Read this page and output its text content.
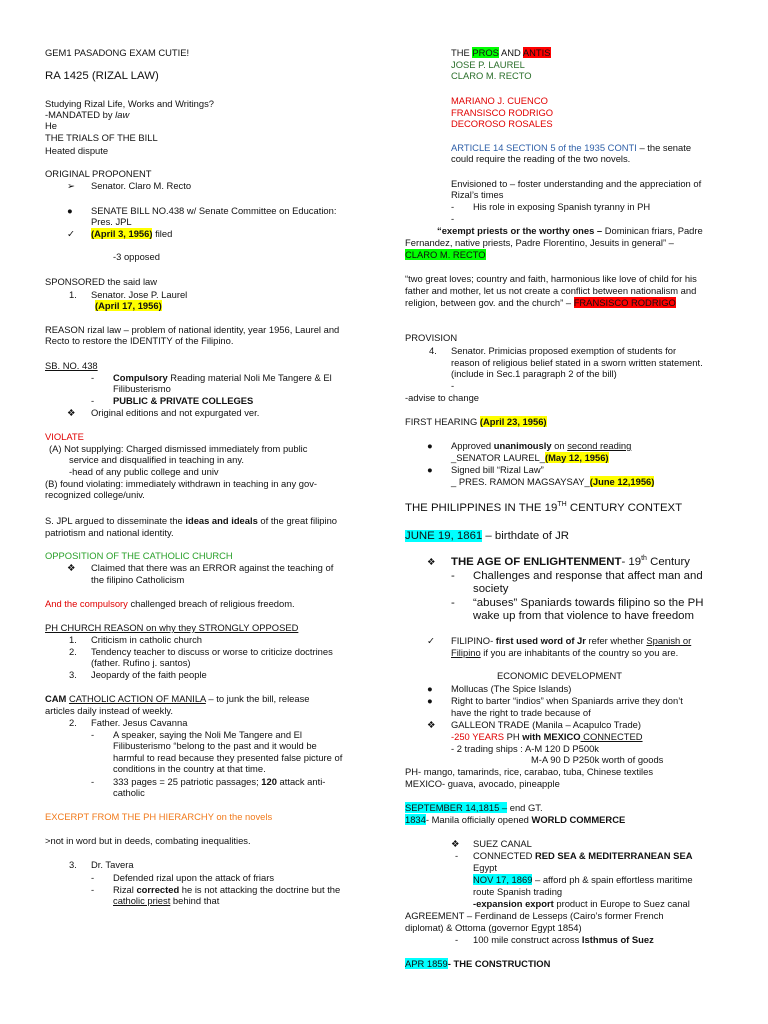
GEM1 PASADONG EXAM CUTIE!
RA 1425 (RIZAL LAW)
Studying Rizal Life, Works and Writings?
-MANDATED by law
He
THE TRIALS OF THE BILL
Heated dispute
ORIGINAL PROPONENT
➢ Senator. Claro M. Recto
● SENATE BILL NO.438 w/ Senate Committee on Education:
Pres. JPL
✓ (April 3, 1956) filed
-3 opposed
SPONSORED the said law
1. Senator. Jose P. Laurel
(April 17, 1956)
REASON rizal law – problem of national identity, year 1956, Laurel and
Recto to restore the IDENTITY of the Filipino.
SB. NO. 438
- Compulsory Reading material Noli Me Tangere & El
Filibusterismo
- PUBLIC & PRIVATE COLLEGES
❖ Original editions and not expurgated ver.
VIOLATE
(A) Not supplying: Charged dismissed immediately from public
service and disqualified in teaching in any.
-head of any public college and univ
(B) found violating: immediately withdrawn in teaching in any gov-
recognized college/univ.
S. JPL argued to disseminate the ideas and ideals of the great filipino
patriotism and national identity.
OPPOSITION OF THE CATHOLIC CHURCH
❖ Claimed that there was an ERROR against the teaching of
the filipino Catholicism
And the compulsory challenged breach of religious freedom.
PH CHURCH REASON on why they STRONGLY OPPOSED
1. Criticism in catholic church
2. Tendency teacher to discuss or worse to criticize doctrines
(father. Rufino j. santos)
3. Jeopardy of the faith people
CAM CATHOLIC ACTION OF MANILA – to junk the bill, release
articles daily instead of weekly.
2. Father. Jesus Cavanna
- A speaker, saying the Noli Me Tangere and El
Filibusterismo “belong to the past and it would be
harmful to read because they presented false picture of
conditions in the country at that time.
- 333 pages = 25 patriotic passages; 120 attack anti-
catholic
EXCERPT FROM THE PH HIERARCHY on the novels
>not in word but in deeds, combating inequalities.
3. Dr. Tavera
- Defended rizal upon the attack of friars
- Rizal corrected he is not attacking the doctrine but the
catholic priest behind that
THE PROS AND ANTIS
JOSE P. LAUREL
CLARO M. RECTO
MARIANO J. CUENCO
FRANSISCO RODRIGO
DECOROSO ROSALES
ARTICLE 14 SECTION 5 of the 1935 CONTI – the senate
could require the reading of the two novels.
Envisioned to – foster understanding and the appreciation of
Rizal’s times
- His role in exposing Spanish tyranny in PH
-
“exempt priests or the worthy ones – Dominican friars, Padre
Fernandez, native priests, Padre Florentino, Jesuits in general” –
CLARO M. RECTO
“two great loves; country and faith, harmonious like love of child for his
father and mother, let us not create a conflict between nationalism and
religion, between gov. and the church” – FRANSISCO RODRIGO
PROVISION
4. Senator. Primicias proposed exemption of students for
reason of religious belief stated in a sworn written statement.
(include in Sec.1 paragraph 2 of the bill)
-
-advise to change
FIRST HEARING (April 23, 1956)
● Approved unanimously on second reading
_SENATOR LAUREL_(May 12, 1956)
● Signed bill “Rizal Law”
_ PRES. RAMON MAGSAYSAY_(June 12,1956)
THE PHILIPPINES IN THE 19TH CENTURY CONTEXT
JUNE 19, 1861 – birthdate of JR
❖ THE AGE OF ENLIGHTENMENT- 19th Century
- Challenges and response that affect man and
society
- “abuses” Spaniards towards filipino so the PH
wake up from that violence to have freedom
✓ FILIPINO- first used word of Jr refer whether Spanish or
Filipino if you are inhabitants of the country so you are.
ECONOMIC DEVELOPMENT
● Mollucas (The Spice Islands)
● Right to barter “indios” when Spaniards arrive they don’t
have the right to trade because of
❖ GALLEON TRADE (Manila – Acapulco Trade)
-250 YEARS PH with MEXICO CONNECTED
- 2 trading ships : A-M 120 D P500k
M-A 90 D P250k worth of goods
PH- mango, tamarinds, rice, carabao, tuba, Chinese textiles
MEXICO- guava, avocado, pineapple
SEPTEMBER 14,1815 – end GT.
1834- Manila officially opened WORLD COMMERCE
❖ SUEZ CANAL
- CONNECTED RED SEA & MEDITERRANEAN SEA
Egypt
NOV 17, 1869 – afford ph & spain effortless maritime
route Spanish trading
-expansion export product in Europe to Suez canal
AGREEMENT – Ferdinand de Lesseps (Cairo’s former French
diplomat) & Ottoma (governor Egypt 1854)
- 100 mile construct across Isthmus of Suez
APR 1859- THE CONSTRUCTION
